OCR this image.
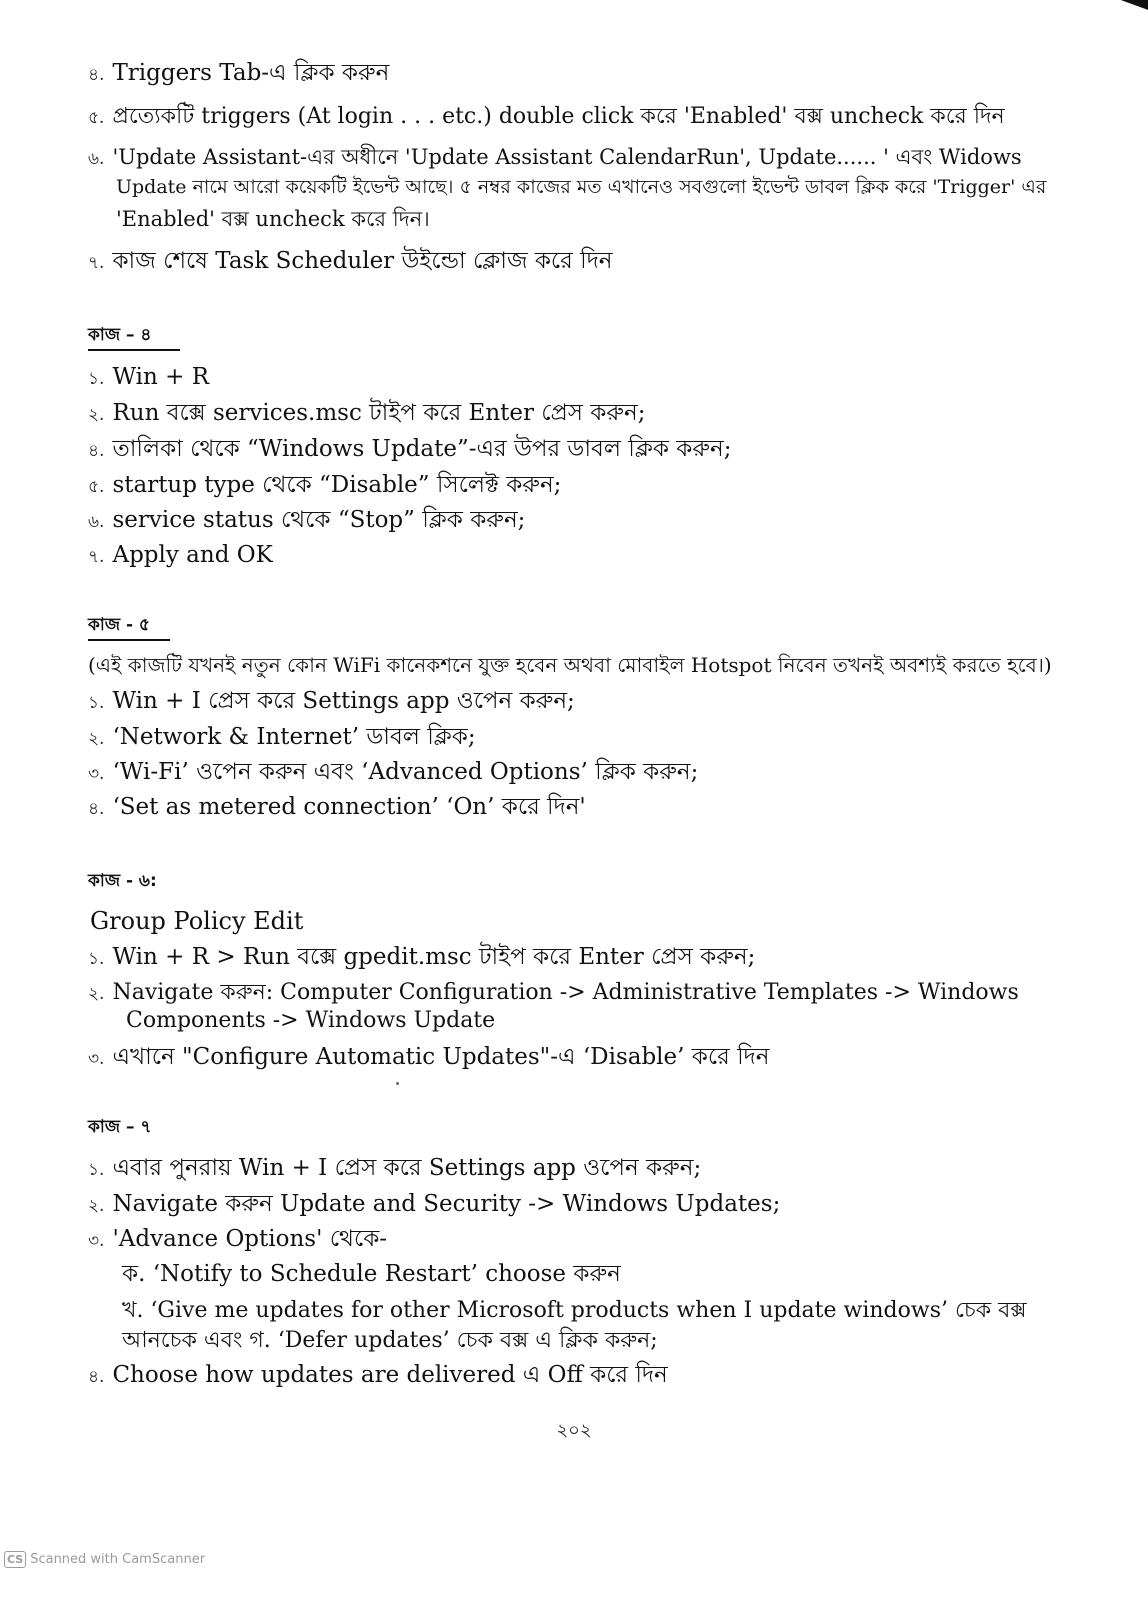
৪. Triggers Tab-এ ক্লিক করুন
৫. প্রত্যেকটি triggers (At login . . . etc.) double click করে 'Enabled' বক্স uncheck করে দিন
৬. 'Update Assistant-এর অধীনে 'Update Assistant CalendarRun', Update...... ' এবং Widows
Update নামে আরো কয়েকটি ইভেন্ট আছে। ৫ নম্বর কাজের মত এখানেও সবগুলো ইভেন্ট ডাবল ক্লিক করে 'Trigger' এর
'Enabled' বক্স uncheck করে দিন।
৭. কাজ শেষে Task Scheduler উইন্ডো ক্লোজ করে দিন
কাজ – ৪
১. Win + R
২. Run বক্সে services.msc টাইপ করে Enter প্রেস করুন;
৪. তালিকা থেকে “Windows Update”-এর উপর ডাবল ক্লিক করুন;
৫. startup type থেকে “Disable” সিলেক্ট করুন;
৬. service status থেকে “Stop” ক্লিক করুন;
৭. Apply and OK
কাজ - ৫
(এই কাজটি যখনই নতুন কোন WiFi কানেকশনে যুক্ত হবেন অথবা মোবাইল Hotspot নিবেন তখনই অবশ্যই করতে হবে।)
১. Win + I প্রেস করে Settings app ওপেন করুন;
২. ‘Network & Internet’ ডাবল ক্লিক;
৩. ‘Wi-Fi’ ওপেন করুন এবং ‘Advanced Options’ ক্লিক করুন;
৪. ‘Set as metered connection’ ‘On’ করে দিন'
কাজ - ৬:
Group Policy Edit
১. Win + R > Run বক্সে gpedit.msc টাইপ করে Enter প্রেস করুন;
২. Navigate করুন: Computer Configuration -> Administrative Templates -> Windows
Components -> Windows Update
৩. এখানে "Configure Automatic Updates"-এ ‘Disable’ করে দিন
কাজ – ৭
১. এবার পুনরায় Win + I প্রেস করে Settings app ওপেন করুন;
২. Navigate করুন Update and Security -> Windows Updates;
৩. 'Advance Options' থেকে-
ক. ‘Notify to Schedule Restart’ choose করুন
খ. ‘Give me updates for other Microsoft products when I update windows’ চেক বক্স
আনচেক এবং গ. ‘Defer updates’ চেক বক্স এ ক্লিক করুন;
৪. Choose how updates are delivered এ Off করে দিন
২০২
CS Scanned with CamScanner
